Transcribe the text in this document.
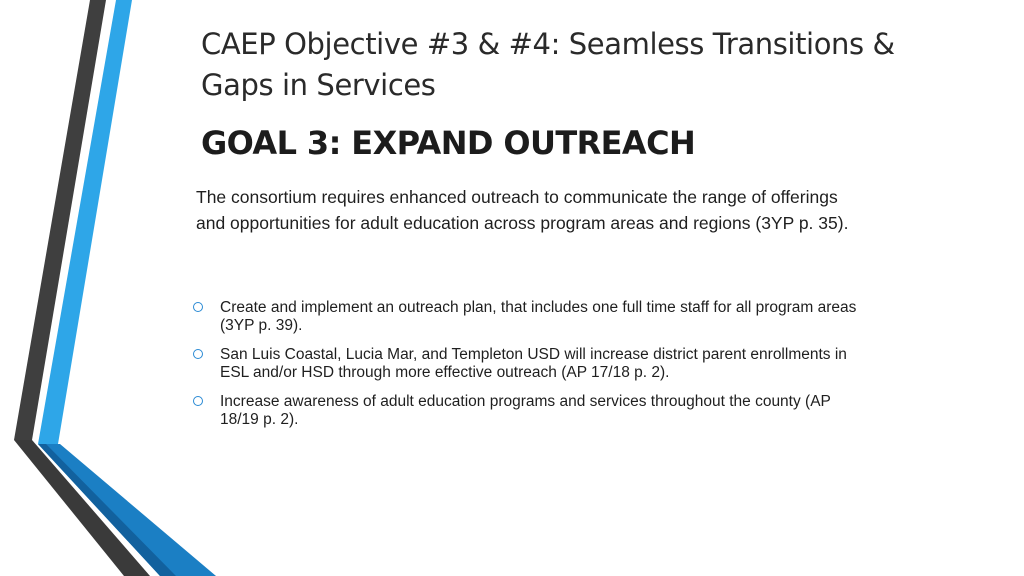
CAEP Objective #3 & #4: Seamless Transitions & Gaps in Services
GOAL 3: EXPAND OUTREACH

The consortium requires enhanced outreach to communicate the range of offerings and opportunities for adult education across program areas and regions (3YP p. 35).

Create and implement an outreach plan, that includes one full time staff for all program areas (3YP p. 39).
San Luis Coastal, Lucia Mar, and Templeton USD will increase district parent enrollments in ESL and/or HSD through more effective outreach (AP 17/18 p. 2).
Increase awareness of adult education programs and services throughout the county (AP 18/19 p. 2).
